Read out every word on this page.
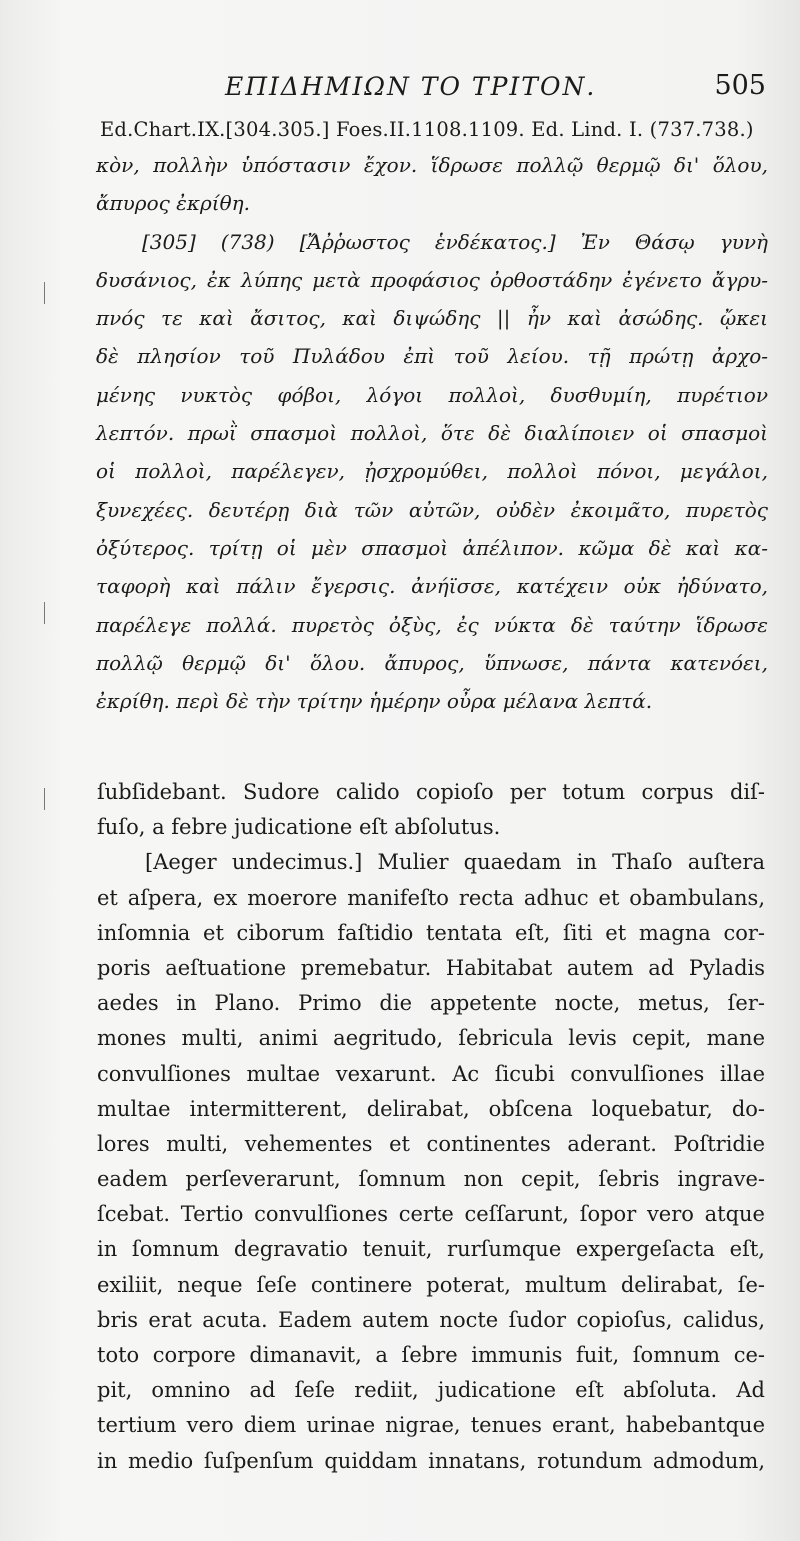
ΕΠΙΔΗΜΙΩΝ ΤΟ ΤΡΙΤΟΝ.	505
Ed.Chart.IX.[304.305.] Foes.II.1108.1109. Ed. Lind. I. (737.738.)
κὸν, πολλὴν ὑπόστασιν ἔχον. ἵδρωσε πολλῷ θερμῷ δι' ὅλου,
ἄπυρος ἐκρίθη.
[305] (738) [Ἄῤῥωστος ἑνδέκατος.] Ἐν Θάσῳ γυνὴ
δυσάνιος, ἐκ λύπης μετὰ προφάσιος ὀρθοστάδην ἐγένετο ἄγρυ-
πνός τε καὶ ἄσιτος, καὶ διψώδης || ἦν καὶ ἀσώδης. ᾤκει
δὲ πλησίον τοῦ Πυλάδου ἐπὶ τοῦ λείου. τῇ πρώτῃ ἀρχο-
μένης νυκτὸς φόβοι, λόγοι πολλοὶ, δυσθυμίη, πυρέτιον
λεπτόν. πρωῒ σπασμοὶ πολλοὶ, ὅτε δὲ διαλίποιεν οἱ σπασμοὶ
οἱ πολλοὶ, παρέλεγεν, ᾐσχρομύθει, πολλοὶ πόνοι, μεγάλοι,
ξυνεχέες. δευτέρῃ διὰ τῶν αὐτῶν, οὐδὲν ἐκοιμᾶτο, πυρετὸς
ὀξύτερος. τρίτῃ οἱ μὲν σπασμοὶ ἀπέλιπον. κῶμα δὲ καὶ κα-
ταφορὴ καὶ πάλιν ἔγερσις. ἀνήϊσσε, κατέχειν οὐκ ἠδύνατο,
παρέλεγε πολλά. πυρετὸς ὀξὺς, ἐς νύκτα δὲ ταύτην ἵδρωσε
πολλῷ θερμῷ δι' ὅλου. ἄπυρος, ὕπνωσε, πάντα κατενόει,
ἐκρίθη. περὶ δὲ τὴν τρίτην ἡμέρην οὖρα μέλανα λεπτά.
ſubſidebant. Sudore calido copioſo per totum corpus diſ-
fuſo, a febre judicatione eſt abſolutus.
[Aeger undecimus.] Mulier quaedam in Thaſo auſtera
et aſpera, ex moerore manifeſto recta adhuc et obambulans,
inſomnia et ciborum faſtidio tentata eſt, ſiti et magna cor-
poris aeſtuatione premebatur. Habitabat autem ad Pyladis
aedes in Plano. Primo die appetente nocte, metus, ſer-
mones multi, animi aegritudo, ſebricula levis cepit, mane
convulſiones multae vexarunt. Ac ſicubi convulſiones illae
multae intermitterent, delirabat, obſcena loquebatur, do-
lores multi, vehementes et continentes aderant. Poſtridie
eadem perſeverarunt, ſomnum non cepit, ſebris ingrave-
ſcebat. Tertio convulſiones certe ceſſarunt, ſopor vero atque
in ſomnum degravatio tenuit, rurſumque expergeſacta eſt,
exiliit, neque ſeſe continere poterat, multum delirabat, ſe-
bris erat acuta. Eadem autem nocte ſudor copioſus, calidus,
toto corpore dimanavit, a ſebre immunis fuit, ſomnum ce-
pit, omnino ad ſeſe rediit, judicatione eſt abſoluta. Ad
tertium vero diem urinae nigrae, tenues erant, habebantque
in medio ſuſpenſum quiddam innatans, rotundum admodum,
